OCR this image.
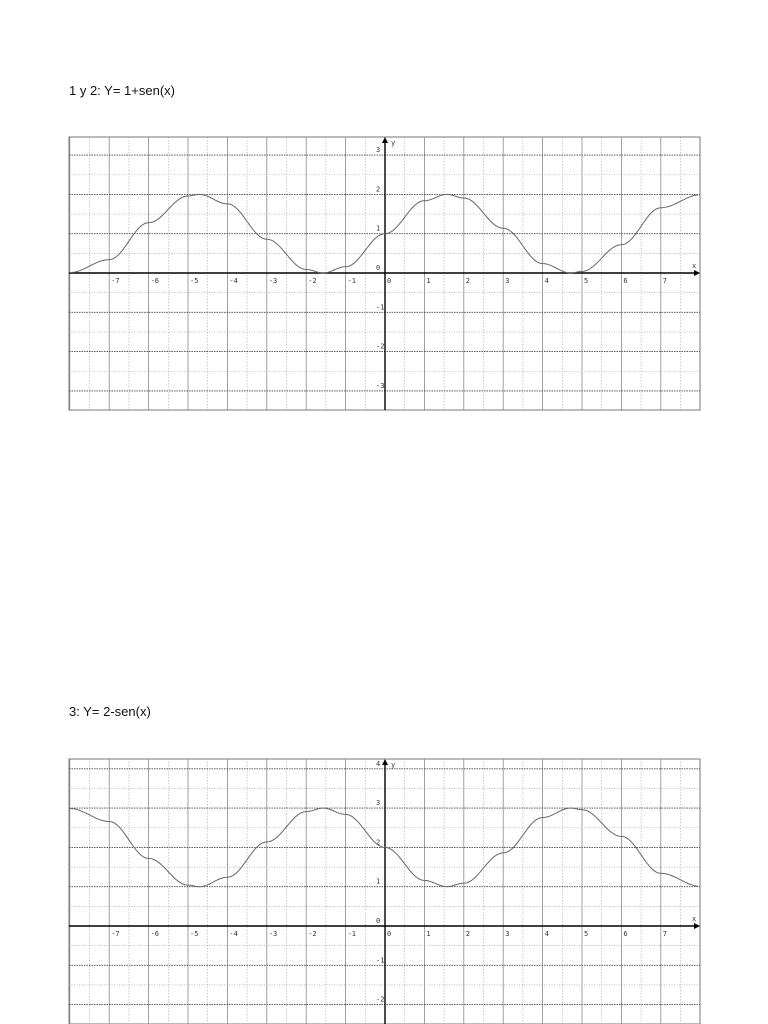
1 y 2: Y= 1+sen(x)

3: Y= 2-sen(x)

x
y
-7	-6	-5	-4	-3	-2	-1	0	1	2	3	4	5	6	7
-3
-2
-1
1
2
3
0
x
y
-7	-6	-5	-4	-3	-2	-1	0	1	2	3	4	5	6	7
-2
-1
1
2
3
4
0
